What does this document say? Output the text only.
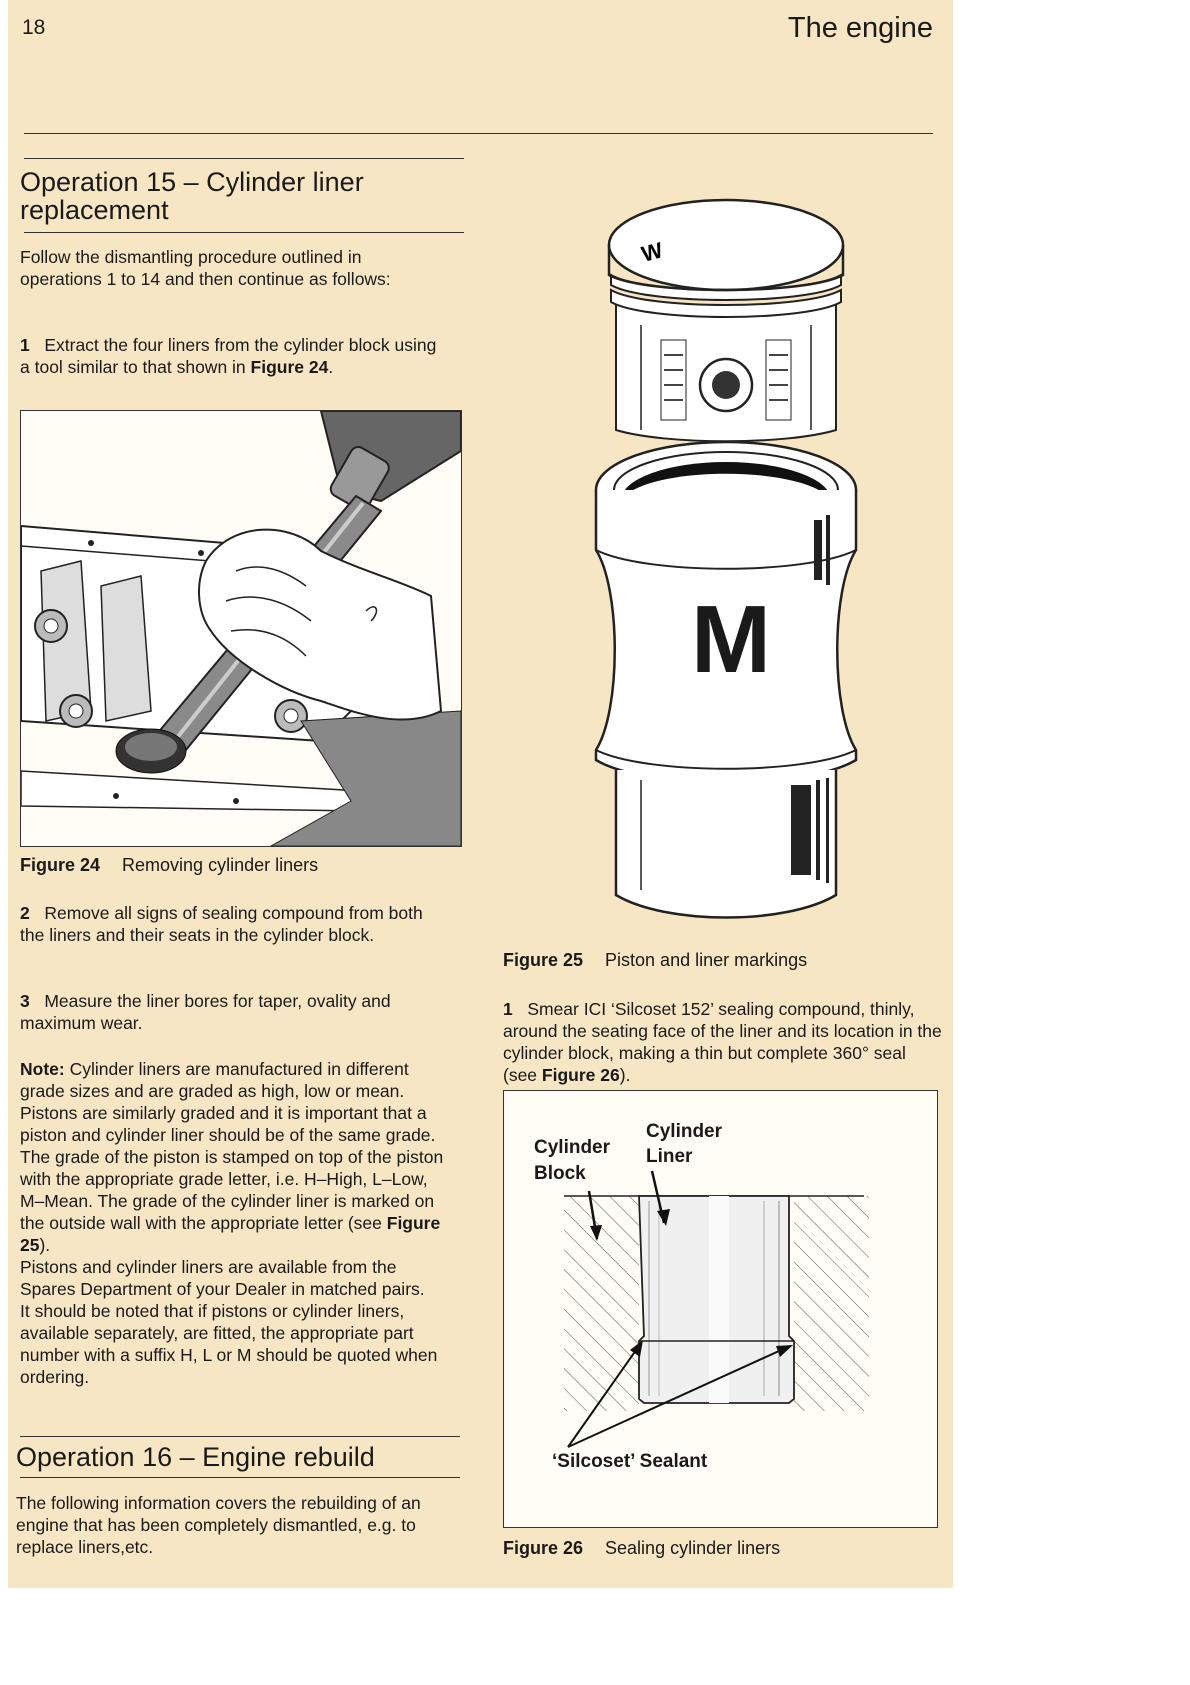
18	The engine
Operation 15 – Cylinder liner replacement

Follow the dismantling procedure outlined in operations 1 to 14 and then continue as follows:

1 Extract the four liners from the cylinder block using a tool similar to that shown in Figure 24.

Figure 24 Removing cylinder liners

2 Remove all signs of sealing compound from both the liners and their seats in the cylinder block.

3 Measure the liner bores for taper, ovality and maximum wear.

Note: Cylinder liners are manufactured in different grade sizes and are graded as high, low or mean. Pistons are similarly graded and it is important that a piston and cylinder liner should be of the same grade. The grade of the piston is stamped on top of the piston with the appropriate grade letter, i.e. H–High, L–Low, M–Mean. The grade of the cylinder liner is marked on the outside wall with the appropriate letter (see Figure 25).

Pistons and cylinder liners are available from the Spares Department of your Dealer in matched pairs.

It should be noted that if pistons or cylinder liners, available separately, are fitted, the appropriate part number with a suffix H, L or M should be quoted when ordering.

Operation 16 – Engine rebuild

The following information covers the rebuilding of an engine that has been completely dismantled, e.g. to replace liners,etc.

W
M
Figure 25 Piston and liner markings

1 Smear ICI ‘Silcoset 152’ sealing compound, thinly, around the seating face of the liner and its location in the cylinder block, making a thin but complete 360° seal (see Figure 26).

Cylinder
Block
Cylinder
Liner
‘Silcoset’ Sealant
Figure 26 Sealing cylinder liners
